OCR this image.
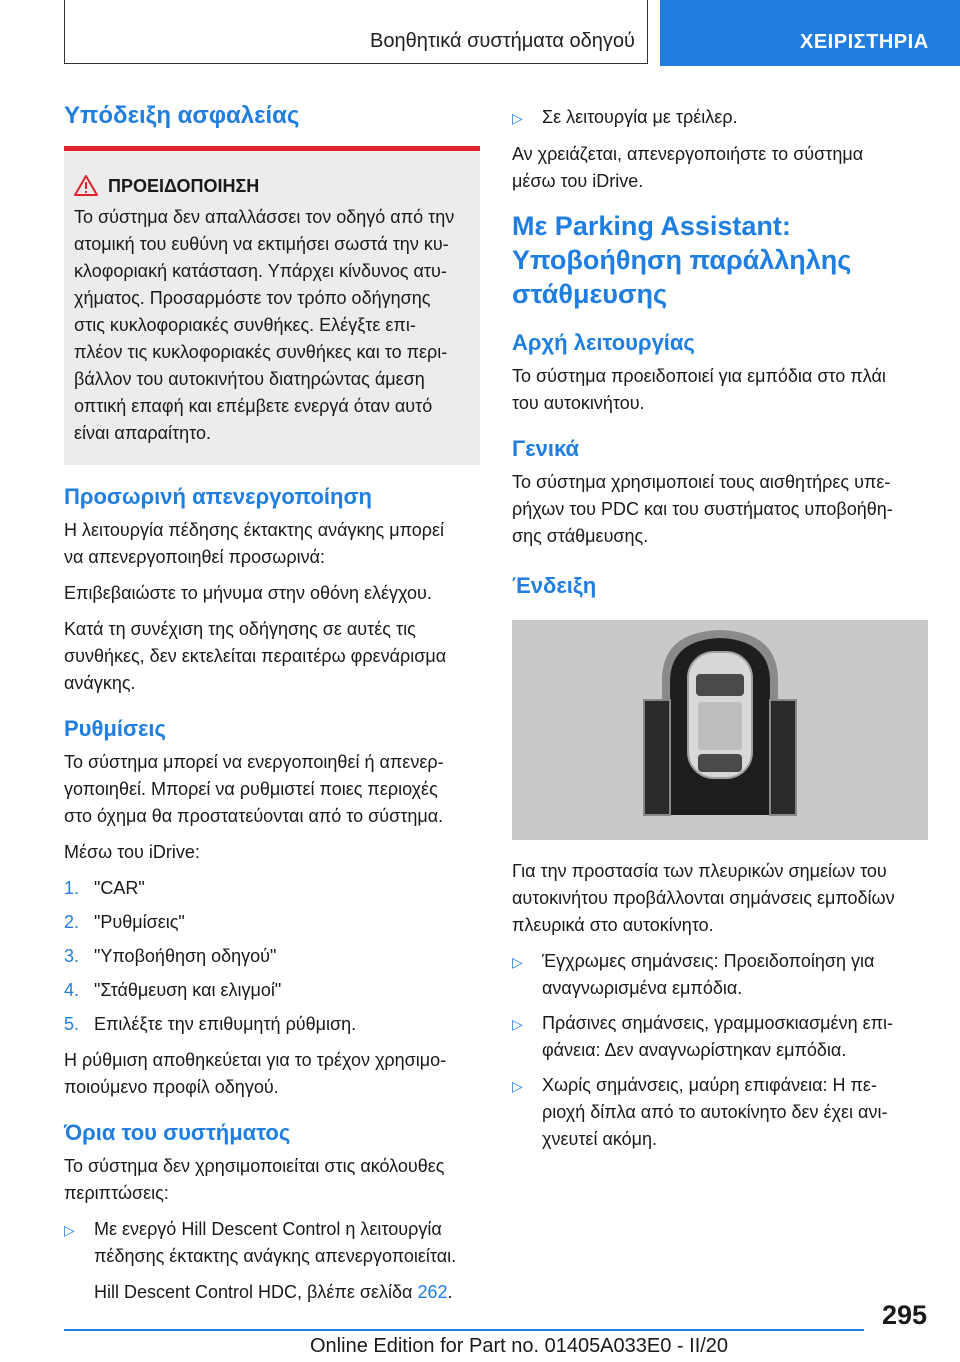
Βοηθητικά συστήματα οδηγού	ΧΕΙΡΙΣΤΗΡΙΑ
Υπόδειξη ασφαλείας
ΠΡΟΕΙΔΟΠΟΙΗΣΗ
Το σύστημα δεν απαλλάσσει τον οδηγό από την
ατομική του ευθύνη να εκτιμήσει σωστά την κυ-
κλοφοριακή κατάσταση. Υπάρχει κίνδυνος ατυ-
χήματος. Προσαρμόστε τον τρόπο οδήγησης
στις κυκλοφοριακές συνθήκες. Ελέγξτε επι-
πλέον τις κυκλοφοριακές συνθήκες και το περι-
βάλλον του αυτοκινήτου διατηρώντας άμεση
οπτική επαφή και επέμβετε ενεργά όταν αυτό
είναι απαραίτητο.
Προσωρινή απενεργοποίηση

Η λειτουργία πέδησης έκτακτης ανάγκης μπορεί
να απενεργοποιηθεί προσωρινά:

Επιβεβαιώστε το μήνυμα στην οθόνη ελέγχου.

Κατά τη συνέχιση της οδήγησης σε αυτές τις
συνθήκες, δεν εκτελείται περαιτέρω φρενάρισμα
ανάγκης.

Ρυθμίσεις

Το σύστημα μπορεί να ενεργοποιηθεί ή απενερ-
γοποιηθεί. Μπορεί να ρυθμιστεί ποιες περιοχές
στο όχημα θα προστατεύονται από το σύστημα.

Μέσω του iDrive:

1. "CAR"
2. "Ρυθμίσεις"
3. "Υποβοήθηση οδηγού"
4. "Στάθμευση και ελιγμοί"
5. Επιλέξτε την επιθυμητή ρύθμιση.

Η ρύθμιση αποθηκεύεται για το τρέχον χρησιμο-
ποιούμενο προφίλ οδηγού.

Όρια του συστήματος

Το σύστημα δεν χρησιμοποιείται στις ακόλουθες
περιπτώσεις:

▷	Με ενεργό Hill Descent Control η λειτουργία
πέδησης έκτακτης ανάγκης απενεργοποιείται.
Hill Descent Control HDC, βλέπε σελίδα 262.
▷	Σε λειτουργία με τρέιλερ.

Αν χρειάζεται, απενεργοποιήστε το σύστημα
μέσω του iDrive.

Με Parking Assistant:
Υποβοήθηση παράλληλης
στάθμευσης
Αρχή λειτουργίας

Το σύστημα προειδοποιεί για εμπόδια στο πλάι
του αυτοκινήτου.

Γενικά

Το σύστημα χρησιμοποιεί τους αισθητήρες υπε-
ρήχων του PDC και του συστήματος υποβοήθη-
σης στάθμευσης.

Ένδειξη

Για την προστασία των πλευρικών σημείων του
αυτοκινήτου προβάλλονται σημάνσεις εμποδίων
πλευρικά στο αυτοκίνητο.

▷	Έγχρωμες σημάνσεις: Προειδοποίηση για
αναγνωρισμένα εμπόδια.
▷	Πράσινες σημάνσεις, γραμμοσκιασμένη επι-
φάνεια: Δεν αναγνωρίστηκαν εμπόδια.
▷	Χωρίς σημάνσεις, μαύρη επιφάνεια: Η πε-
ριοχή δίπλα από το αυτοκίνητο δεν έχει ανι-
χνευτεί ακόμη.
295
Online Edition for Part no. 01405A033E0 - II/20
